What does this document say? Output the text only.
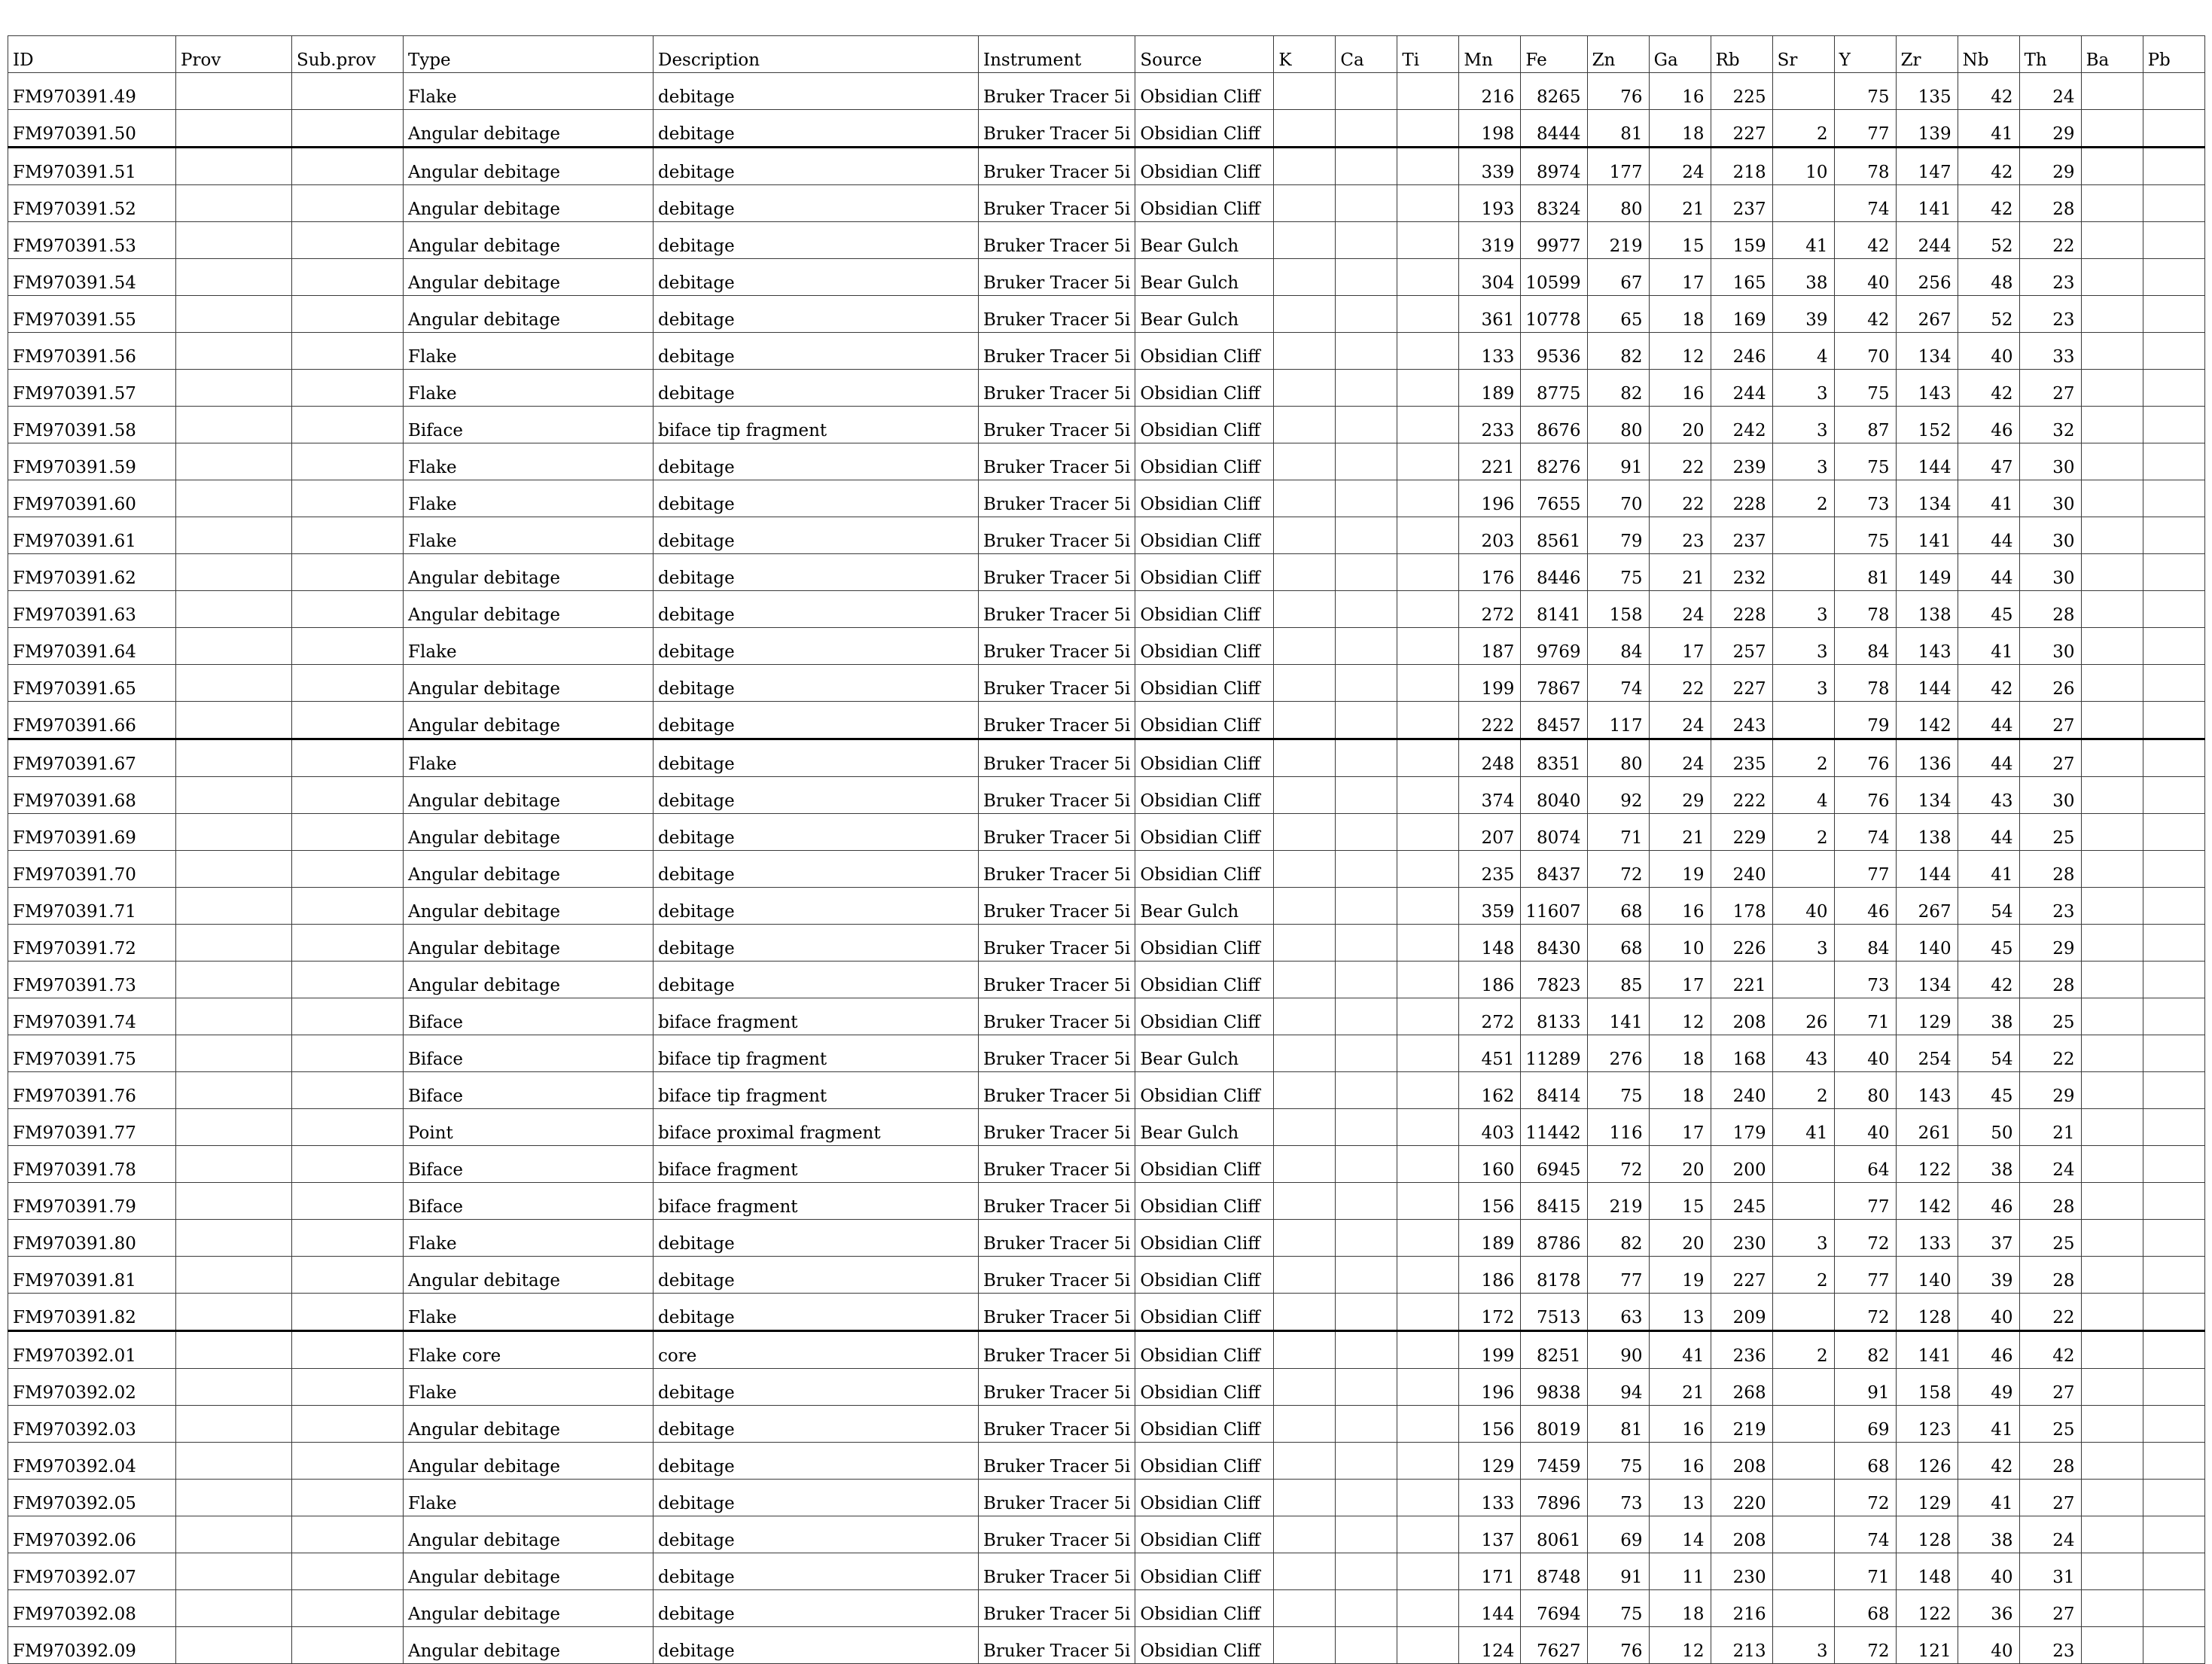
ID	Prov	Sub.prov	Type	Description	Instrument	Source	K	Ca	Ti	Mn	Fe	Zn	Ga	Rb	Sr	Y	Zr	Nb	Th	Ba	Pb
FM970391.49			Flake	debitage	Bruker Tracer 5i	Obsidian Cliff				216	8265	76	16	225		75	135	42	24		
FM970391.50			Angular debitage	debitage	Bruker Tracer 5i	Obsidian Cliff				198	8444	81	18	227	2	77	139	41	29		
FM970391.51			Angular debitage	debitage	Bruker Tracer 5i	Obsidian Cliff				339	8974	177	24	218	10	78	147	42	29		
FM970391.52			Angular debitage	debitage	Bruker Tracer 5i	Obsidian Cliff				193	8324	80	21	237		74	141	42	28		
FM970391.53			Angular debitage	debitage	Bruker Tracer 5i	Bear Gulch				319	9977	219	15	159	41	42	244	52	22		
FM970391.54			Angular debitage	debitage	Bruker Tracer 5i	Bear Gulch				304	10599	67	17	165	38	40	256	48	23		
FM970391.55			Angular debitage	debitage	Bruker Tracer 5i	Bear Gulch				361	10778	65	18	169	39	42	267	52	23		
FM970391.56			Flake	debitage	Bruker Tracer 5i	Obsidian Cliff				133	9536	82	12	246	4	70	134	40	33		
FM970391.57			Flake	debitage	Bruker Tracer 5i	Obsidian Cliff				189	8775	82	16	244	3	75	143	42	27		
FM970391.58			Biface	biface tip fragment	Bruker Tracer 5i	Obsidian Cliff				233	8676	80	20	242	3	87	152	46	32		
FM970391.59			Flake	debitage	Bruker Tracer 5i	Obsidian Cliff				221	8276	91	22	239	3	75	144	47	30		
FM970391.60			Flake	debitage	Bruker Tracer 5i	Obsidian Cliff				196	7655	70	22	228	2	73	134	41	30		
FM970391.61			Flake	debitage	Bruker Tracer 5i	Obsidian Cliff				203	8561	79	23	237		75	141	44	30		
FM970391.62			Angular debitage	debitage	Bruker Tracer 5i	Obsidian Cliff				176	8446	75	21	232		81	149	44	30		
FM970391.63			Angular debitage	debitage	Bruker Tracer 5i	Obsidian Cliff				272	8141	158	24	228	3	78	138	45	28		
FM970391.64			Flake	debitage	Bruker Tracer 5i	Obsidian Cliff				187	9769	84	17	257	3	84	143	41	30		
FM970391.65			Angular debitage	debitage	Bruker Tracer 5i	Obsidian Cliff				199	7867	74	22	227	3	78	144	42	26		
FM970391.66			Angular debitage	debitage	Bruker Tracer 5i	Obsidian Cliff				222	8457	117	24	243		79	142	44	27		
FM970391.67			Flake	debitage	Bruker Tracer 5i	Obsidian Cliff				248	8351	80	24	235	2	76	136	44	27		
FM970391.68			Angular debitage	debitage	Bruker Tracer 5i	Obsidian Cliff				374	8040	92	29	222	4	76	134	43	30		
FM970391.69			Angular debitage	debitage	Bruker Tracer 5i	Obsidian Cliff				207	8074	71	21	229	2	74	138	44	25		
FM970391.70			Angular debitage	debitage	Bruker Tracer 5i	Obsidian Cliff				235	8437	72	19	240		77	144	41	28		
FM970391.71			Angular debitage	debitage	Bruker Tracer 5i	Bear Gulch				359	11607	68	16	178	40	46	267	54	23		
FM970391.72			Angular debitage	debitage	Bruker Tracer 5i	Obsidian Cliff				148	8430	68	10	226	3	84	140	45	29		
FM970391.73			Angular debitage	debitage	Bruker Tracer 5i	Obsidian Cliff				186	7823	85	17	221		73	134	42	28		
FM970391.74			Biface	biface fragment	Bruker Tracer 5i	Obsidian Cliff				272	8133	141	12	208	26	71	129	38	25		
FM970391.75			Biface	biface tip fragment	Bruker Tracer 5i	Bear Gulch				451	11289	276	18	168	43	40	254	54	22		
FM970391.76			Biface	biface tip fragment	Bruker Tracer 5i	Obsidian Cliff				162	8414	75	18	240	2	80	143	45	29		
FM970391.77			Point	biface proximal fragment	Bruker Tracer 5i	Bear Gulch				403	11442	116	17	179	41	40	261	50	21		
FM970391.78			Biface	biface fragment	Bruker Tracer 5i	Obsidian Cliff				160	6945	72	20	200		64	122	38	24		
FM970391.79			Biface	biface fragment	Bruker Tracer 5i	Obsidian Cliff				156	8415	219	15	245		77	142	46	28		
FM970391.80			Flake	debitage	Bruker Tracer 5i	Obsidian Cliff				189	8786	82	20	230	3	72	133	37	25		
FM970391.81			Angular debitage	debitage	Bruker Tracer 5i	Obsidian Cliff				186	8178	77	19	227	2	77	140	39	28		
FM970391.82			Flake	debitage	Bruker Tracer 5i	Obsidian Cliff				172	7513	63	13	209		72	128	40	22		
FM970392.01			Flake core	core	Bruker Tracer 5i	Obsidian Cliff				199	8251	90	41	236	2	82	141	46	42		
FM970392.02			Flake	debitage	Bruker Tracer 5i	Obsidian Cliff				196	9838	94	21	268		91	158	49	27		
FM970392.03			Angular debitage	debitage	Bruker Tracer 5i	Obsidian Cliff				156	8019	81	16	219		69	123	41	25		
FM970392.04			Angular debitage	debitage	Bruker Tracer 5i	Obsidian Cliff				129	7459	75	16	208		68	126	42	28		
FM970392.05			Flake	debitage	Bruker Tracer 5i	Obsidian Cliff				133	7896	73	13	220		72	129	41	27		
FM970392.06			Angular debitage	debitage	Bruker Tracer 5i	Obsidian Cliff				137	8061	69	14	208		74	128	38	24		
FM970392.07			Angular debitage	debitage	Bruker Tracer 5i	Obsidian Cliff				171	8748	91	11	230		71	148	40	31		
FM970392.08			Angular debitage	debitage	Bruker Tracer 5i	Obsidian Cliff				144	7694	75	18	216		68	122	36	27		
FM970392.09			Angular debitage	debitage	Bruker Tracer 5i	Obsidian Cliff				124	7627	76	12	213	3	72	121	40	23		
